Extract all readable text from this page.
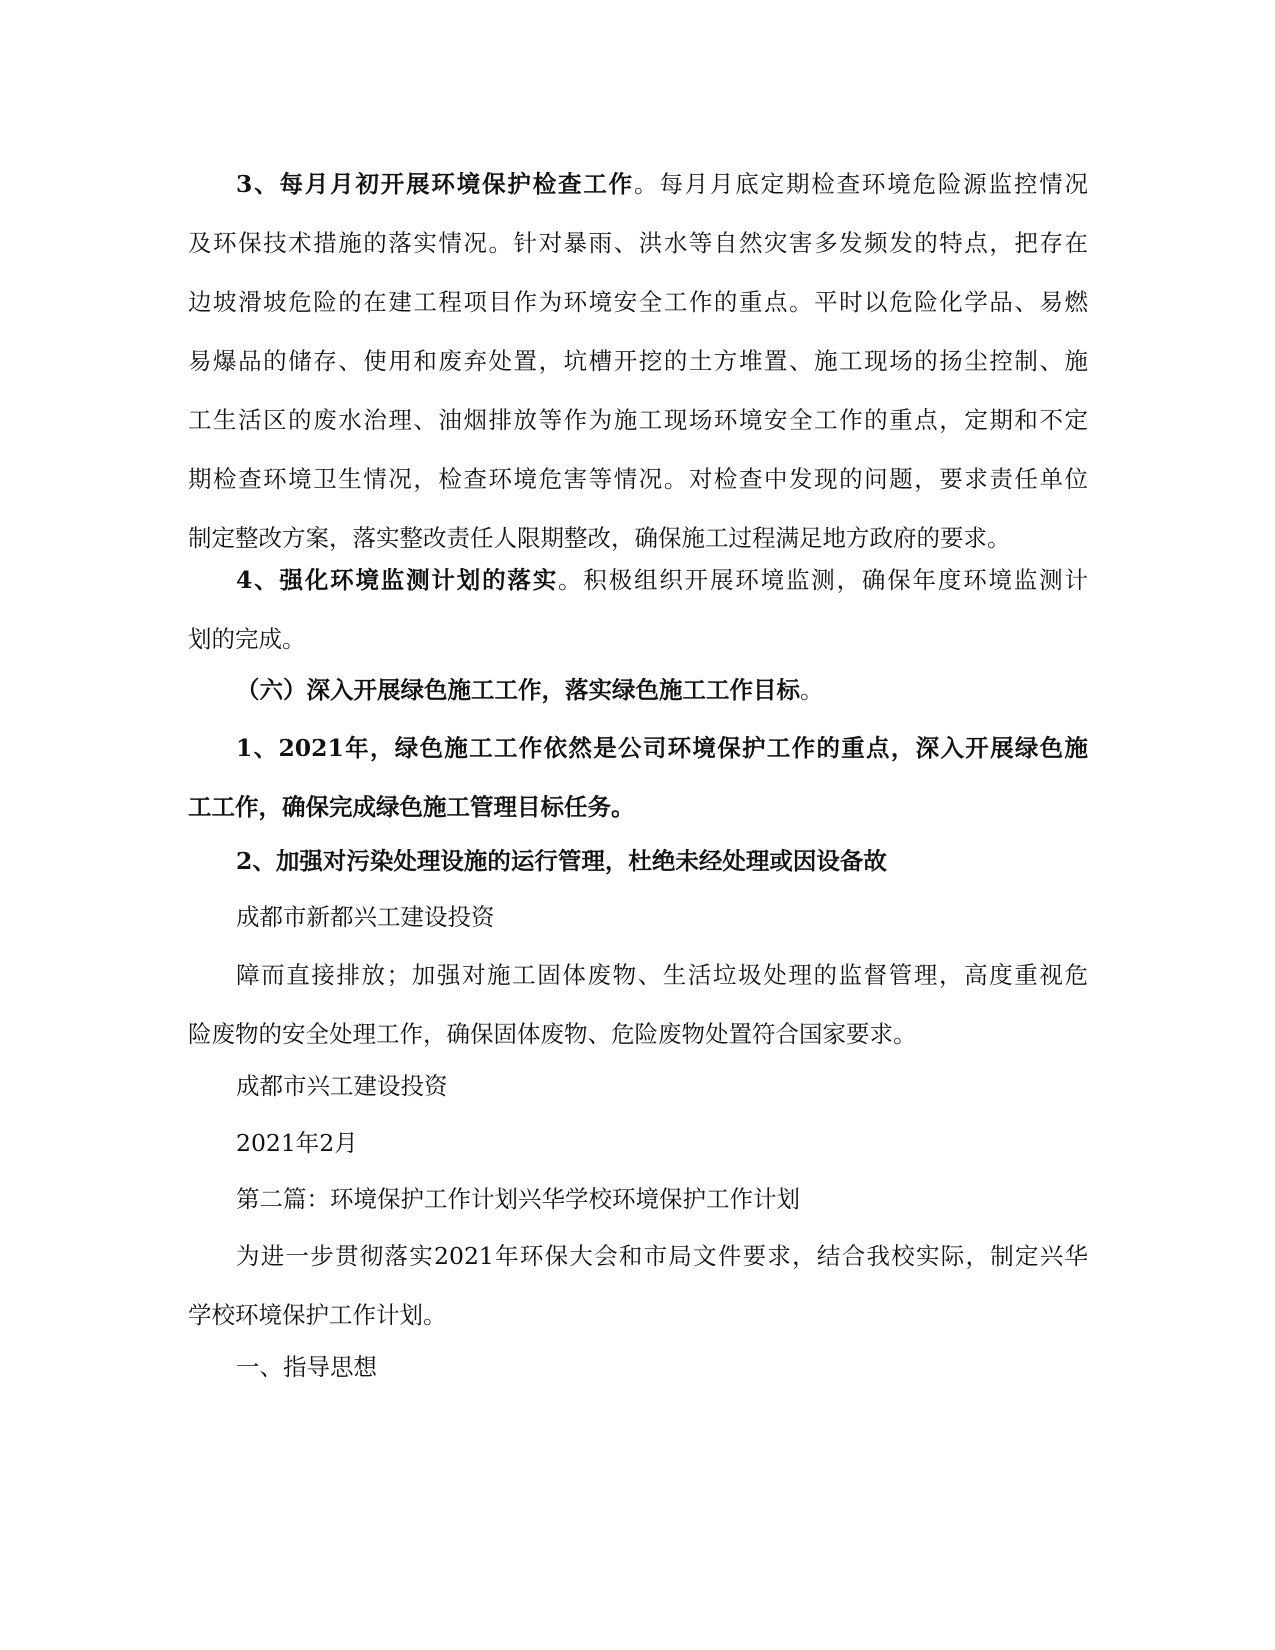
3、每月月初开展环境保护检查工作。每月月底定期检查环境危险源监控情况
及环保技术措施的落实情况。针对暴雨、洪水等自然灾害多发频发的特点，把存在
边坡滑坡危险的在建工程项目作为环境安全工作的重点。平时以危险化学品、易燃
易爆品的储存、使用和废弃处置，坑槽开挖的土方堆置、施工现场的扬尘控制、施
工生活区的废水治理、油烟排放等作为施工现场环境安全工作的重点，定期和不定
期检查环境卫生情况，检查环境危害等情况。对检查中发现的问题，要求责任单位
制定整改方案，落实整改责任人限期整改，确保施工过程满足地方政府的要求。
4、强化环境监测计划的落实。积极组织开展环境监测，确保年度环境监测计
划的完成。
（六）深入开展绿色施工工作，落实绿色施工工作目标。
1、2021年，绿色施工工作依然是公司环境保护工作的重点，深入开展绿色施
工工作，确保完成绿色施工管理目标任务。
2、加强对污染处理设施的运行管理，杜绝未经处理或因设备故
成都市新都兴工建设投资
障而直接排放；加强对施工固体废物、生活垃圾处理的监督管理，高度重视危
险废物的安全处理工作，确保固体废物、危险废物处置符合国家要求。
成都市兴工建设投资
2021年2月
第二篇：环境保护工作计划兴华学校环境保护工作计划
为进一步贯彻落实2021年环保大会和市局文件要求，结合我校实际，制定兴华
学校环境保护工作计划。
一、指导思想
